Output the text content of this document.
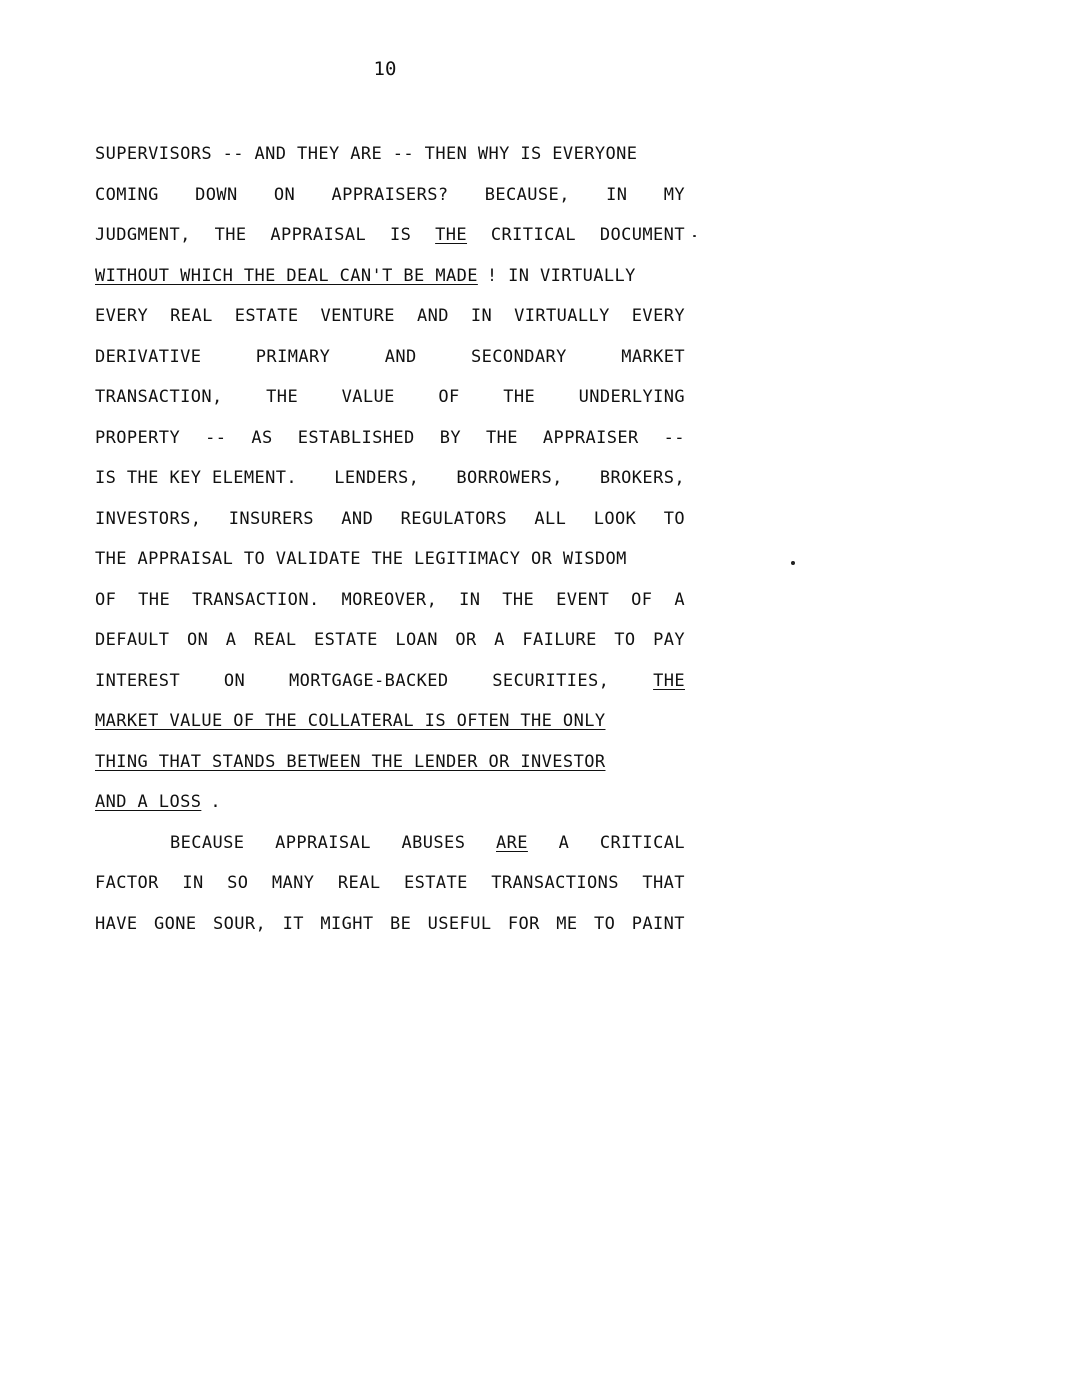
10
SUPERVISORS -- AND THEY ARE -- THEN WHY IS EVERYONE
COMING DOWN ON APPRAISERS? BECAUSE, IN MY
JUDGMENT, THE APPRAISAL IS THE CRITICAL DOCUMENT
WITHOUT WHICH THE DEAL CAN'T BE MADE ! IN VIRTUALLY
EVERY REAL ESTATE VENTURE AND IN VIRTUALLY EVERY
DERIVATIVE	PRIMARY	AND	SECONDARY	MARKET
TRANSACTION,	THE	VALUE	OF	THE	UNDERLYING
PROPERTY -- AS ESTABLISHED BY THE APPRAISER --
IS THE KEY ELEMENT. LENDERS, BORROWERS, BROKERS,
INVESTORS, INSURERS AND REGULATORS ALL LOOK TO
THE APPRAISAL TO VALIDATE THE LEGITIMACY OR WISDOM
OF THE TRANSACTION. MOREOVER, IN THE EVENT OF A
DEFAULT ON A REAL ESTATE LOAN OR A FAILURE TO PAY
INTEREST	ON	MORTGAGE-BACKED	SECURITIES,	THE
MARKET VALUE OF THE COLLATERAL IS OFTEN THE ONLY
THING THAT STANDS BETWEEN THE LENDER OR INVESTOR
AND A LOSS .
BECAUSE APPRAISAL ABUSES ARE A CRITICAL
FACTOR IN SO MANY REAL ESTATE TRANSACTIONS THAT
HAVE GONE SOUR, IT MIGHT BE USEFUL FOR ME TO PAINT
